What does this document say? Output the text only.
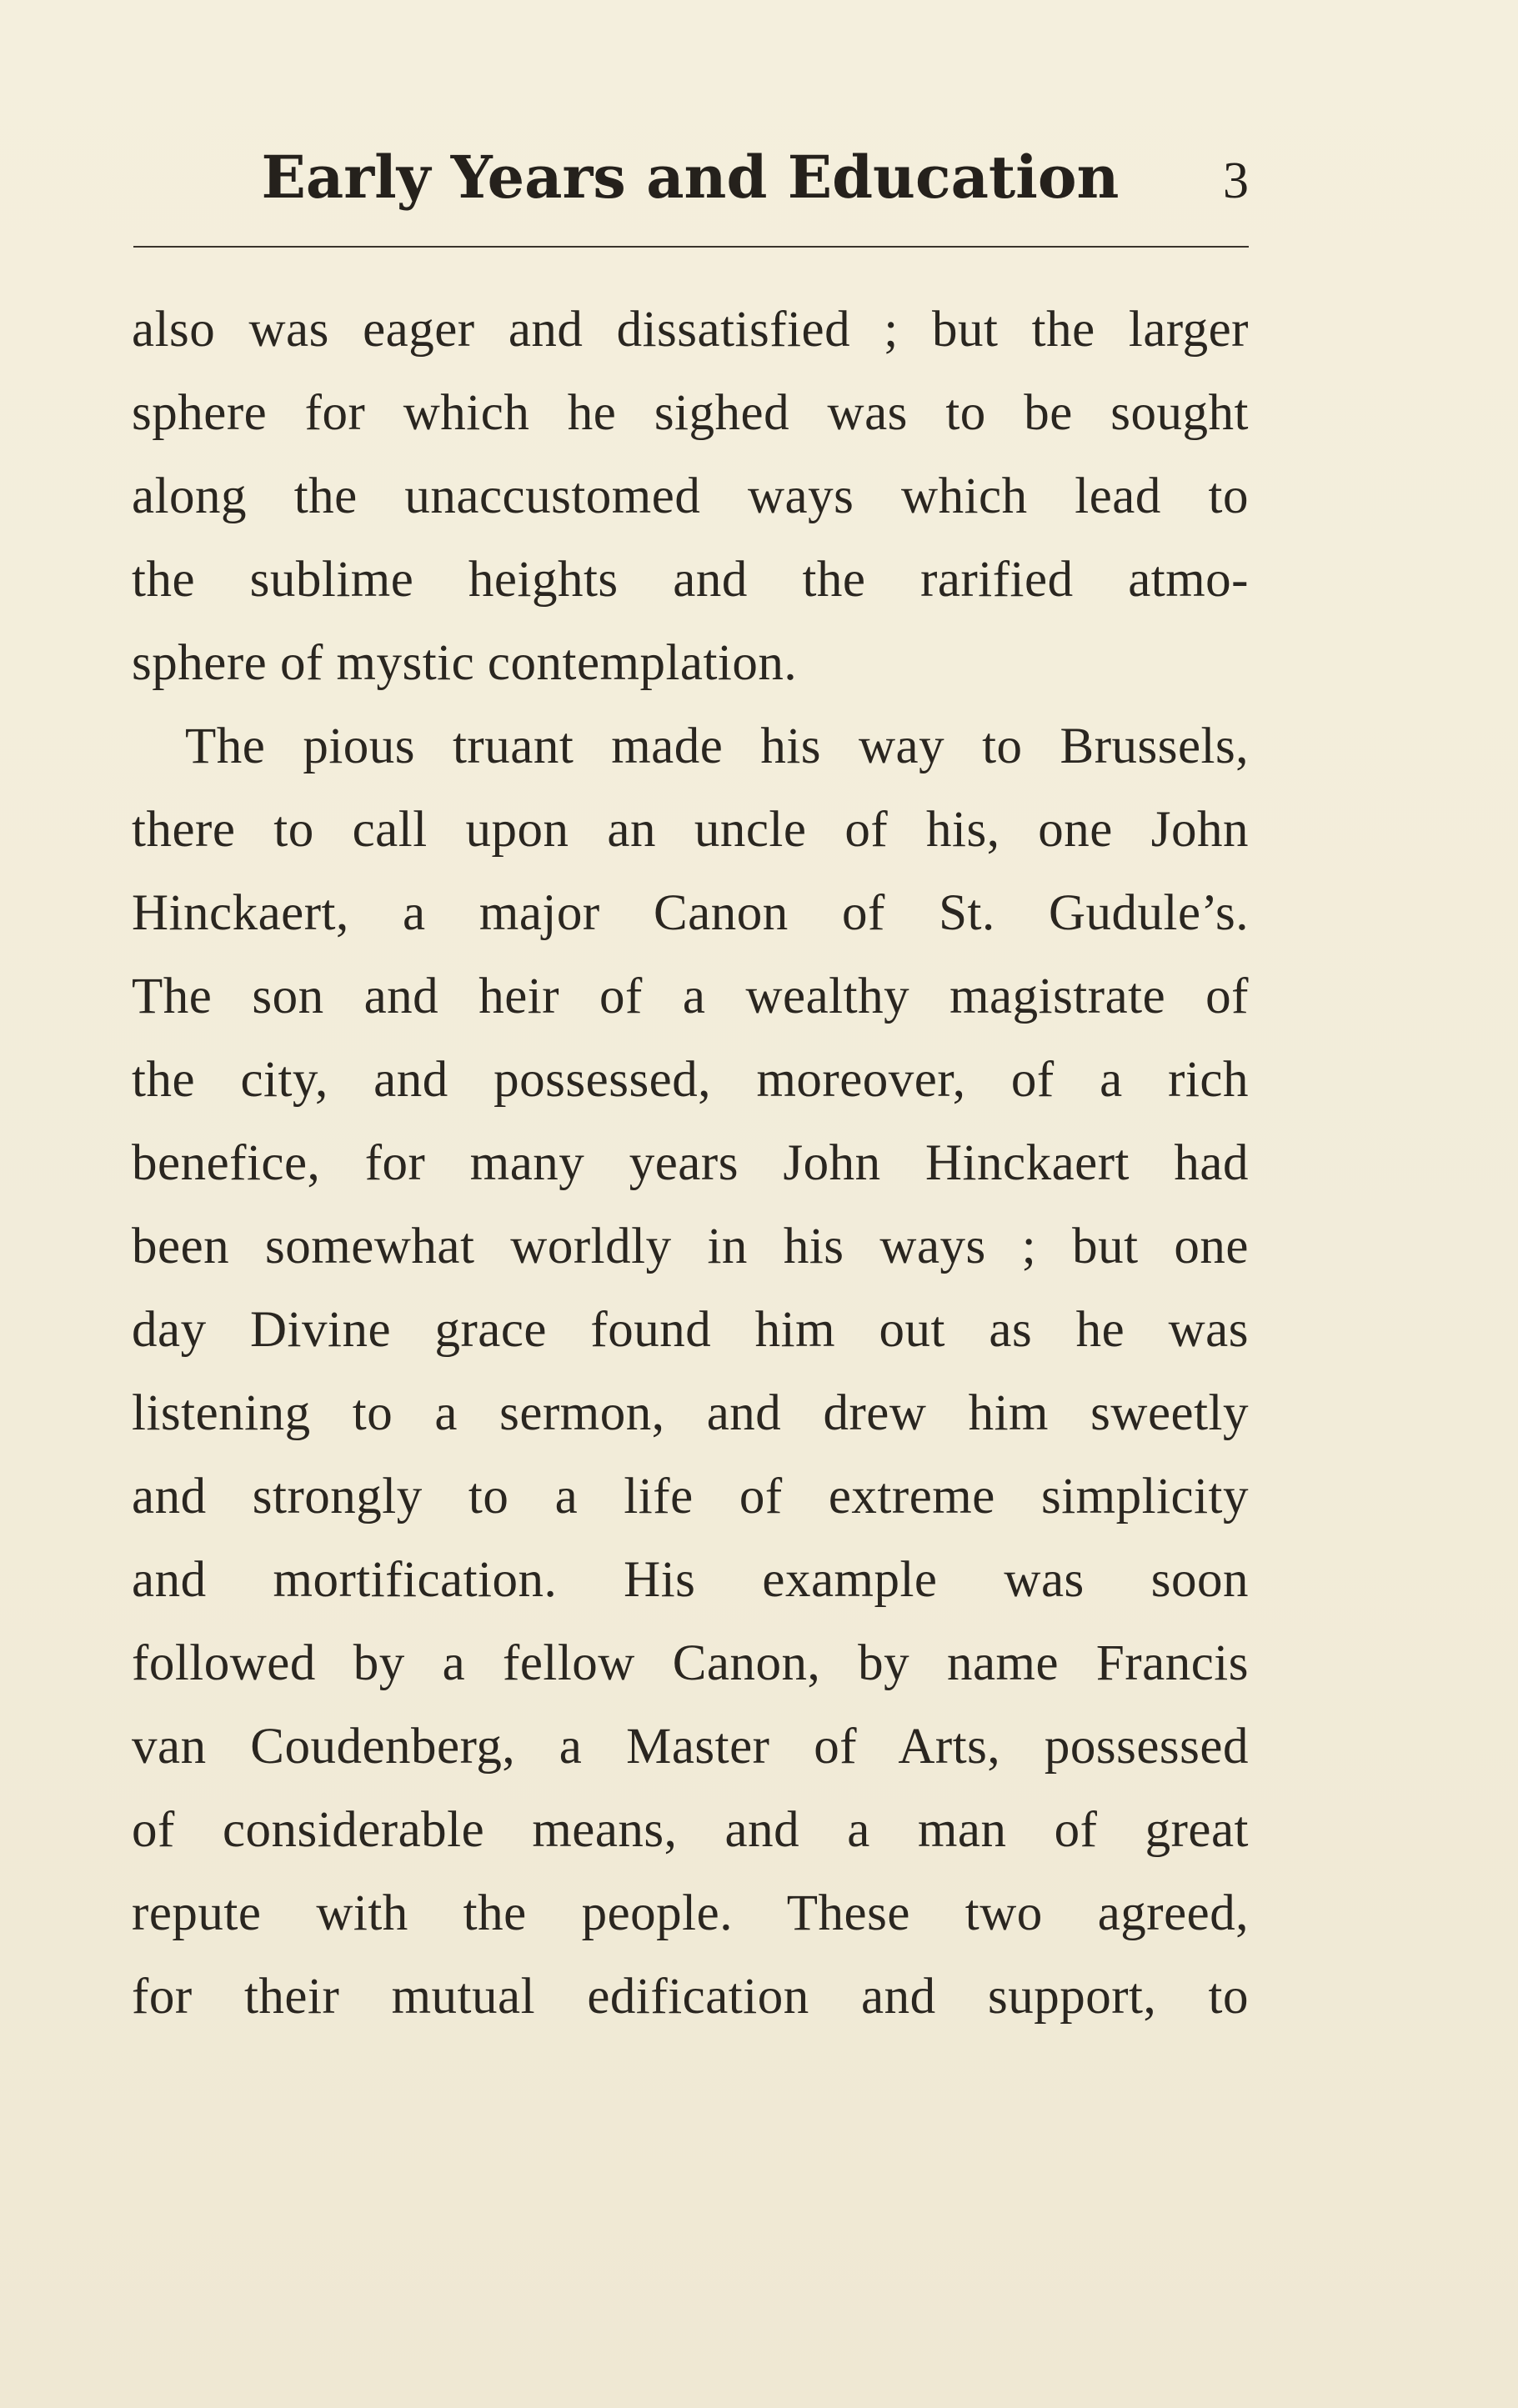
Early Years and Education	3
also was eager and dissatisfied ; but the larger
sphere for which he sighed was to be sought
along the unaccustomed ways which lead to
the sublime heights and the rarified atmo-
sphere of mystic contemplation.
The pious truant made his way to Brussels,
there to call upon an uncle of his, one John
Hinckaert, a major Canon of St. Gudule’s.
The son and heir of a wealthy magistrate of
the city, and possessed, moreover, of a rich
benefice, for many years John Hinckaert had
been somewhat worldly in his ways ; but one
day Divine grace found him out as he was
listening to a sermon, and drew him sweetly
and strongly to a life of extreme simplicity
and mortification. His example was soon
followed by a fellow Canon, by name Francis
van Coudenberg, a Master of Arts, possessed
of considerable means, and a man of great
repute with the people. These two agreed,
for their mutual edification and support, to
